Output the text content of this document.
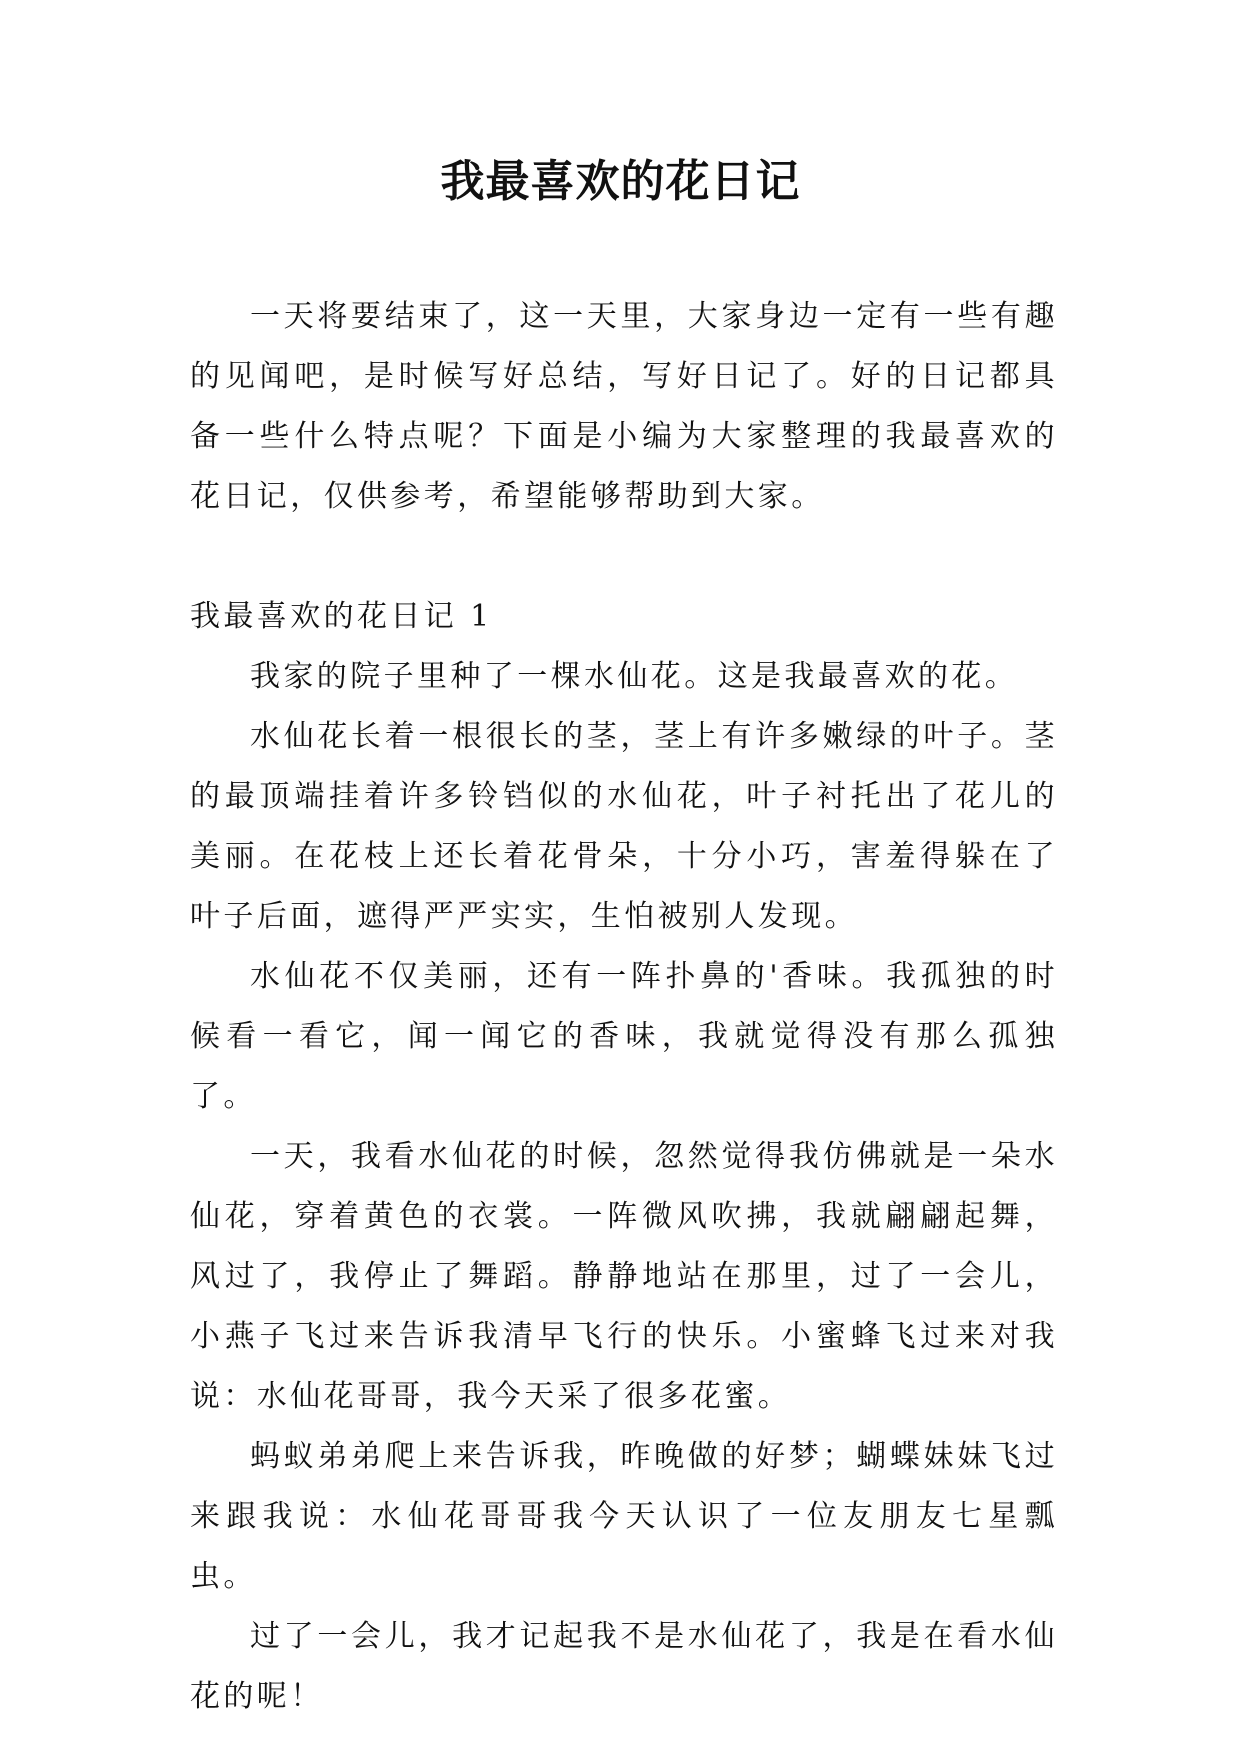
我最喜欢的花日记

一天将要结束了，这一天里，大家身边一定有一些有趣的见闻吧，是时候写好总结，写好日记了。好的日记都具备一些什么特点呢？下面是小编为大家整理的我最喜欢的花日记，仅供参考，希望能够帮助到大家。

我最喜欢的花日记 1

我家的院子里种了一棵水仙花。这是我最喜欢的花。

水仙花长着一根很长的茎，茎上有许多嫩绿的叶子。茎的最顶端挂着许多铃铛似的水仙花，叶子衬托出了花儿的美丽。在花枝上还长着花骨朵，十分小巧，害羞得躲在了叶子后面，遮得严严实实，生怕被别人发现。

水仙花不仅美丽，还有一阵扑鼻的'香味。我孤独的时候看一看它，闻一闻它的香味，我就觉得没有那么孤独了。

一天，我看水仙花的时候，忽然觉得我仿佛就是一朵水仙花，穿着黄色的衣裳。一阵微风吹拂，我就翩翩起舞，风过了，我停止了舞蹈。静静地站在那里，过了一会儿，小燕子飞过来告诉我清早飞行的快乐。小蜜蜂飞过来对我说：水仙花哥哥，我今天采了很多花蜜。

蚂蚁弟弟爬上来告诉我，昨晚做的好梦；蝴蝶妹妹飞过来跟我说：水仙花哥哥我今天认识了一位友朋友七星瓢虫。

过了一会儿，我才记起我不是水仙花了，我是在看水仙花的呢！
